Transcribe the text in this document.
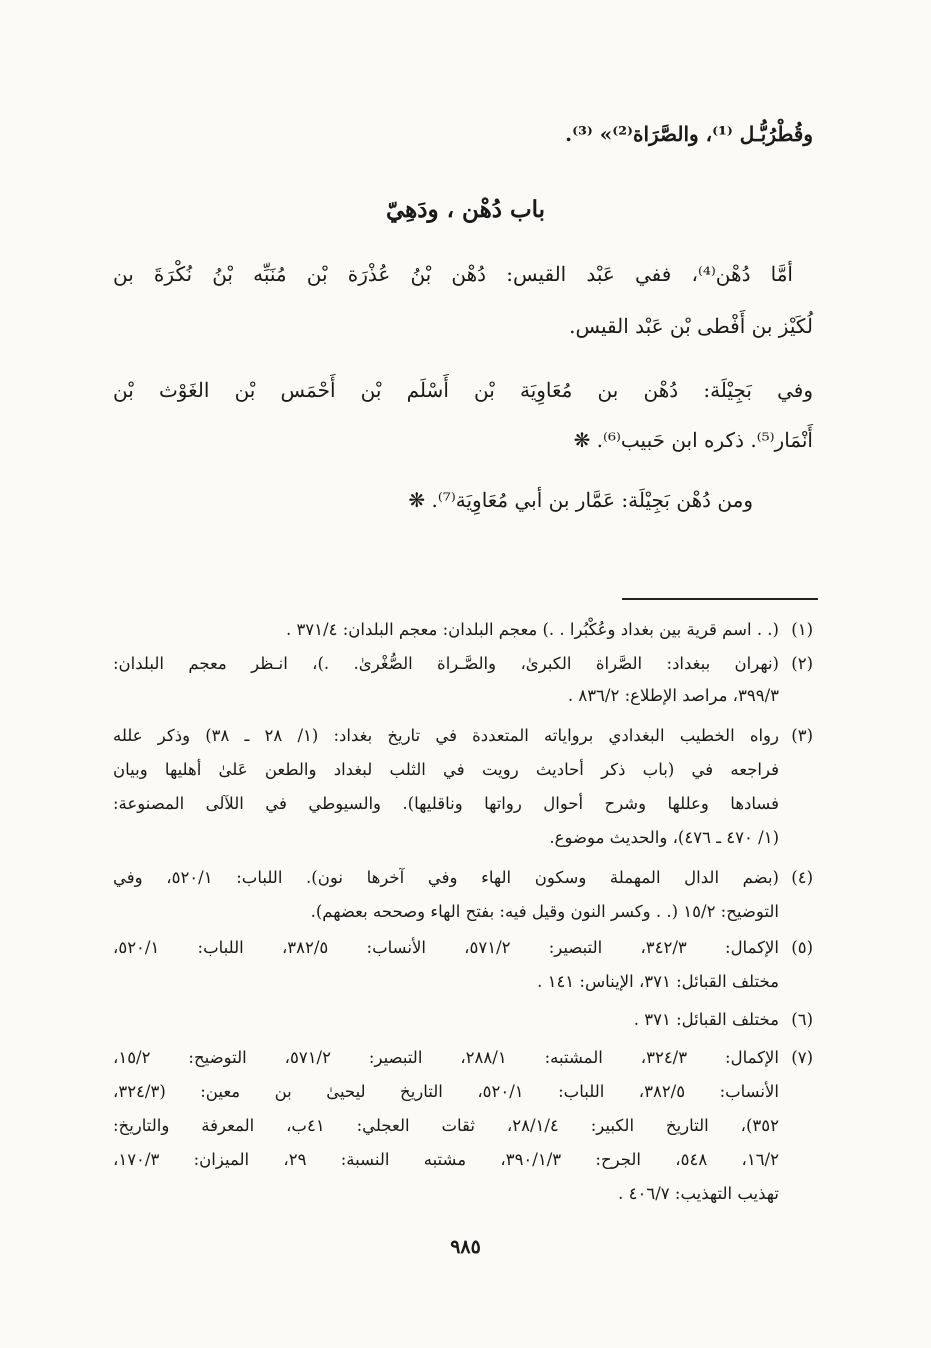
وقُطْرُبُّـل ⁽¹⁾، والصَّرَاة⁽²⁾» ⁽³⁾.
باب دُهْن ، ودَهِيّ
أمَّا دُهْن⁽⁴⁾، ففي عَبْد القيس: دُهْن بْنُ عُذْرَة بْن مُنَبِّه بْنُ نُكْرَةَ بن
لُكَيْز بن أَفْطى بْن عَبْد القيس.
وفي بَجِيْلَة: دُهْن بن مُعَاوِيَة بْن أَسْلَم بْن أَحْمَس بْن الغَوْث بْن
أَنْمَار⁽⁵⁾. ذكره ابن حَبيب⁽⁶⁾. ❋
ومن دُهْن بَجِيْلَة: عَمَّار بن أبي مُعَاوِيَة⁽⁷⁾. ❋
(١)
(. . اسم قرية بين بغداد وعُكْبُرا . .) معجم البلدان: معجم البلدان: ٣٧١/٤ .
(٢)
(نهران ببغداد: الصَّراة الكبرىٰ، والصَّـراة الصُّغْرىٰ. .)، انـظر معجم البلدان:
٣٩٩/٣، مراصد الإطلاع: ٨٣٦/٢ .
(٣)
رواه الخطيب البغدادي برواياته المتعددة في تاريخ بغداد: (١/ ٢٨ ـ ٣٨) وذكر علله
فراجعه في (باب ذكر أحاديث رويت في الثلب لبغداد والطعن عَلىٰ أهليها وبيان
فسادها وعللها وشرح أحوال رواتها وناقليها). والسيوطي في اللآلى المصنوعة:
(١/ ٤٧٠ ـ ٤٧٦)، والحديث موضوع.
(٤)
(بضم الدال المهملة وسكون الهاء وفي آخرها نون). اللباب: ٥٢٠/١، وفي
التوضيح: ١٥/٢ (. . وكسر النون وقيل فيه: بفتح الهاء وصححه بعضهم).
(٥)
الإكمال: ٣٤٢/٣، التبصير: ٥٧١/٢، الأنساب: ٣٨٢/٥، اللباب: ٥٢٠/١،
مختلف القبائل: ٣٧١، الإيناس: ١٤١ .
(٦)
مختلف القبائل: ٣٧١ .
(٧)
الإكمال: ٣٢٤/٣، المشتبه: ٢٨٨/١، التبصير: ٥٧١/٢، التوضيح: ١٥/٢،
الأنساب: ٣٨٢/٥، اللباب: ٥٢٠/١، التاريخ ليحيىٰ بن معين: (٣٢٤/٣،
٣٥٢)، التاريخ الكبير: ٢٨/١/٤، ثقات العجلي: ٤١ب، المعرفة والتاريخ:
١٦/٢، ٥٤٨، الجرح: ٣٩٠/١/٣، مشتبه النسبة: ٢٩، الميزان: ١٧٠/٣،
تهذيب التهذيب: ٤٠٦/٧ .
٩٨٥
